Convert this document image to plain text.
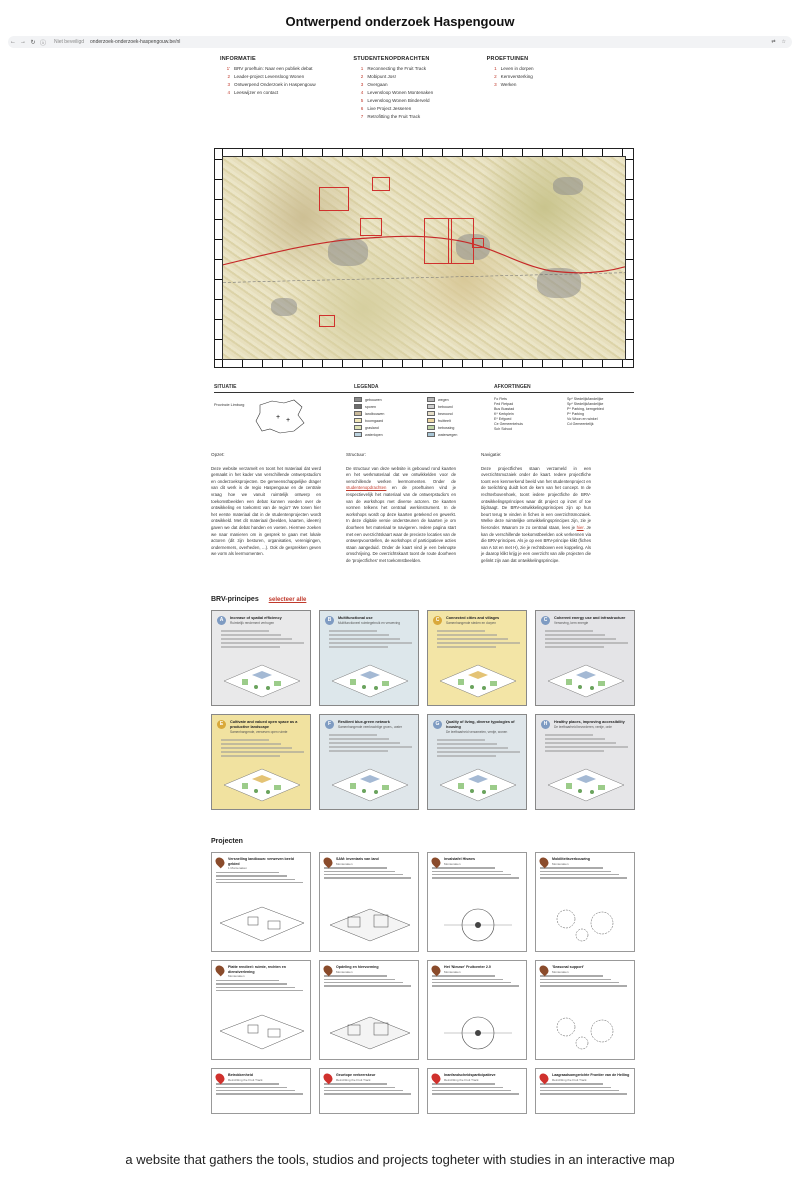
Ontwerpend onderzoek Haspengouw
← → ↻ ⓘ	Niet beveiligd onderzoek-onderzoek-haspengouw.be/nl	⇄ ☆
INFORMATIE
1' BRV proeftuin: Naar een publiek debat
2 Leader-project Levensloog Wonen
3 Ontwerpend Onderzoek in Haspengouw
4 Leeswijzer en contact
STUDENTENOPDRACHTEN
1 Reconnecting the Fruit Track
2 Mobipunt Jos!
3 Overgaan
4 Levensloop Wonen Montenaken
5 Levensloog Wonen Binderveld
6 Live Project Jesseren
7 Retrofitting the Fruit Track
PROEFTUINEN
1 Leven in dorpen
2 Kernversterking
3 Werken
SITUATIE
Provincie Limburg
+ +
LEGENDA
gebouwen	wegen
sporen	bebouwd
landbouwen	bewoond
boomgaard	fruitteelt
grasland	bebossing
waterlopen	waterwegen
AFKORTINGEN
Fo Fiets	Sp* Stedelijk/landelijke
Fed Fietpad	Sp* Stedelijk/landelijke
Bus Busstad	P* Parking, kerngebied
K* Kerkplein	P* Parking
E* Erfgoed	Vo Woon en winkel
Ce Gemeentehuis	Cd Gemeentelijk
Sch School
Opzet:

Deze website verzamelt en toont het materiaal dat werd gemaakt in het kader van verschillende ontwerpstudio's en onderzoeksprojecten. De gemeenschappelijke drager van dit werk is de regio Haspengouw en de centrale vraag hoe we vanuit ruimtelijk ontwerp en toekomstbeelden een debat kunnen voeden over de ontwikkeling en toekomst van de regio? We tonen hier het eerste materiaal dat in de studentenprojecten wordt ontwikkeld. Met dit materiaal (beelden, kaarten, ideeën) gaven we dat debat handen en voeten. Hiermee zoeken we naar manieren om in gesprek te gaan met lokale actoren (dit zijn besturen, organisaties, verenigingen, ondernemers, overheden, ...). Ook de gesprekken geven we vorm als leermomenten.

Structuur:

De structuur van deze website is gebouwd rond kaarten en het werkmateriaal dat we ontwikkelden voor de verschillende werken leermomenten. Onder de studentenopdrachten en de proeftuinen vind je respectievelijk het materiaal van de ontwerpstudio's en van de workshops met diverse actoren. De kaarten vormen telkens het centraal werkinstrument. In de workshops wordt op deze kaarten getekend en gewerkt. In deze digitale versie ondersteunen de kaarten je om doorheen het materiaal te navigeren. Iedere pagina start met een overzichtskaart waar de precieze locaties van de ontwerpvoorstellen, de workshops of participatieve acties staan aangeduid. Onder de kaart vind je een beknopte omschrijving. De overzichtskaart toont de route doorheen de 'projectfiches' met toekomstbeelden.

Navigatie:

Deze projectfiches staan verzameld in een overzichtsmozaiek onder de kaart. Iedere projectfiche toont een kenmerkend beeld van het studentenproject en de toelichting duidt kort de kern van het concept. In de rechterbovenhoek, toont iedere projectfiche de BRV-ontwikkelingsprincipes waar dit project op inzet of toe bijdraagt. De BRV-ontwikkelingsprincipes zijn op hun beurt terug te vinden in fiches in een overzichtsmozaiek. Welke deze ruimtelijke ontwikkelingsprincipes zijn, zie je hieronder. Waarom ze zo centraal staan, lees je hier. Je kan de verschillende toekomstbeelden ook verkennen via die BRV-principes. Als je op een BRV-principe klikt (fiches van A tot en met H), zie je rechtsboven een koppeling. Als je daarop klikt krijg je een overzicht van alle projecten die gelinkt zijn aan dat ontwikkelingsprincipe.

BRV-principes selecteer alle
A	Increase of spatial efficiency
Ruimtelijk rendement verhogen	B	Multifunctional use
Multifunctioneel ruimtegebruik en verweving	C	Connected cities and villages
Samenhangende steden en dorpen	C	Coherent energy use and infrastructure
Verweving, kern energie
E	Cultivate and valued open space as a productive landscape
Samenhangende, verweven open ruimte
F	Resilient blue-green network
Samenhangende veerkrachtige groen-, water	G	Quality of living, diverse typologies of housing
De leefbaarheid verzamelen, ventje, wonen
H	Healthy places, improving accessibility
De leefbaarheid bevorderen, ventje, orde
Projecten
Versnelling landbouw: verweven beeld gebied
1 Montenaken
SAM: inventaris van land
Montenaken
Invalstafel Hiswes
Montenaken
Mobiliteitsverbouwing
Montenaken
Platte rendieel: ruimte, rechten en dienstverlening
Montenaken
Opdeling en hiervorming
Montenaken
Het 'Nieuwe' Fruitcenter 2.0
Montenaken
'Seasonal support'
Montenaken
Betrokkenheid
Retrofitting the Fruit Track
Geurtope verkeerskeur
Retrofitting the Fruit Track
Inanfandscheidsparticipatieve
Retrofitting the Fruit Track
Laagraadsomgerichte Frontier van de Helling
Retrofitting the Fruit Track
a website that gathers the tools, studios and projects togheter with studies in an interactive map
